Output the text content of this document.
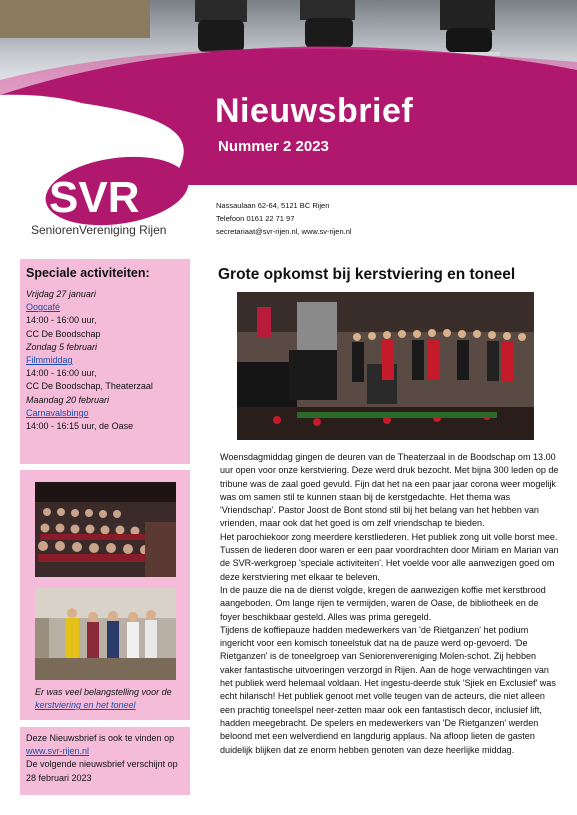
Nieuwsbrief
Nummer 2 2023
SVR
SeniorenVereniging Rijen
Nassaulaan 62-64, 5121 BC Rijen
Telefoon 0161 22 71 97
secretariaat@svr-rijen.nl, www.sv-rijen.nl
Speciale activiteiten:
Vrijdag 27 januari
Oogcafé
14:00 - 16:00 uur,
CC De Boodschap
Zondag 5 februari
Filmmiddag
14:00 - 16:00 uur,
CC De Boodschap, Theaterzaal
Maandag 20 februari
Carnavalsbingo
14:00 - 16:15 uur, de Oase
Er was veel belangstelling voor de kerstviering en het toneel
Deze Nieuwsbrief is ook te vinden op
www.svr-rijen.nl
De volgende nieuwsbrief verschijnt op 28 februari 2023
Grote opkomst bij kerstviering en toneel

Woensdagmiddag gingen de deuren van de Theaterzaal in de Boodschap om 13.00 uur open voor onze kerstviering. Deze werd druk bezocht. Met bijna 300 leden op de tribune was de zaal goed gevuld. Fijn dat het na een paar jaar corona weer mogelijk was om samen stil te kunnen staan bij de kerstgedachte. Het thema was 'Vriendschap'. Pastor Joost de Bont stond stil bij het belang van het hebben van vrienden, maar ook dat het goed is om zelf vriendschap te bieden.

Het parochiekoor zong meerdere kerstliederen. Het publiek zong uit volle borst mee. Tussen de liederen door waren er een paar voordrachten door Miriam en Marian van de SVR-werkgroep 'speciale activiteiten'. Het voelde voor alle aanwezigen goed om deze kerstviering met elkaar te beleven.

In de pauze die na de dienst volgde, kregen de aanwezigen koffie met kerstbrood aangeboden. Om lange rijen te vermijden, waren de Oase, de bibliotheek en de foyer beschikbaar gesteld. Alles was prima geregeld.

Tijdens de koffiepauze hadden medewerkers van 'de Rietganzen' het podium ingericht voor een komisch toneelstuk dat na de pauze werd op-gevoerd. 'De Rietganzen' is de toneelgroep van Seniorenvereniging Molen-schot. Zij hebben vaker fantastische uitvoeringen verzorgd in Rijen. Aan de hoge verwachtingen van het publiek werd helemaal voldaan. Het ingestu-deerde stuk 'Sjiek en Exclusief' was echt hilarisch! Het publiek genoot met volle teugen van de acteurs, die niet alleen een prachtig toneelspel neer-zetten maar ook een fantastisch decor, inclusief lift, hadden meegebracht. De spelers en medewerkers van 'De Rietganzen' werden beloond met een welverdiend en langdurig applaus. Na afloop lieten de gasten duidelijk blijken dat ze enorm hebben genoten van deze heerlijke middag.
